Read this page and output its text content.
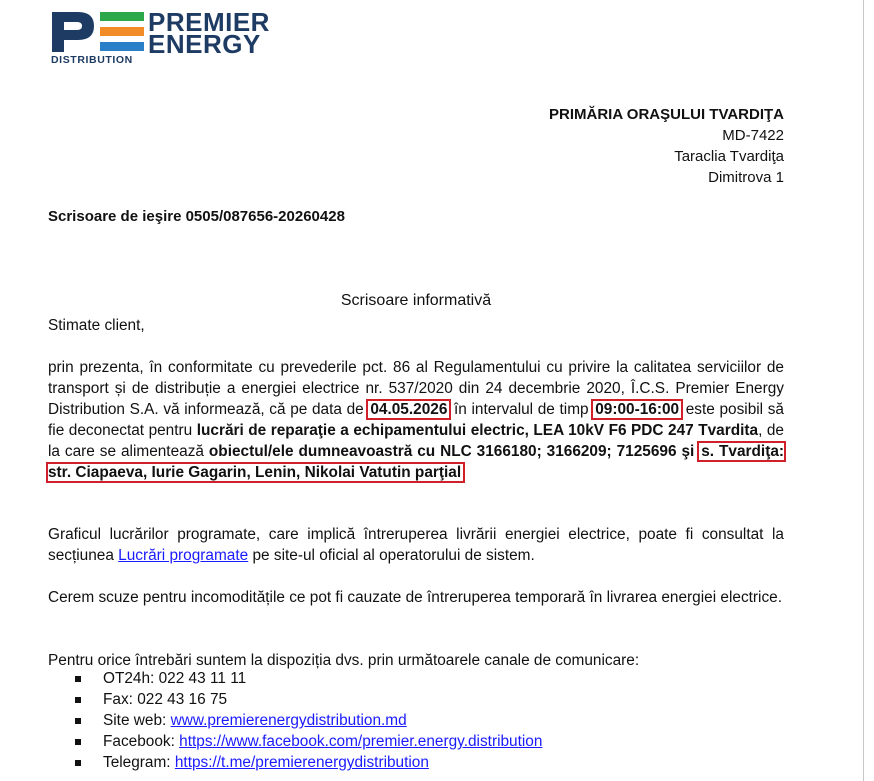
PREMIER
ENERGY
DISTRIBUTION
PRIMĂRIA ORAŞULUI TVARDIŢA
MD-7422
Taraclia Tvardiţa
Dimitrova 1
Scrisoare de ieşire 0505/087656-20260428
Scrisoare informativă
Stimate client,
prin prezenta, în conformitate cu prevederile pct. 86 al Regulamentului cu privire la calitatea serviciilor de transport și de distribuție a energiei electrice nr. 537/2020 din 24 decembrie 2020, Î.C.S. Premier Energy Distribution S.A. vă informează, că pe data de 04.05.2026 în intervalul de timp 09:00-16:00 este posibil să fie deconectat pentru lucrări de reparaţie a echipamentului electric, LEA 10kV F6 PDC 247 Tvardita, de la care se alimentează obiectul/ele dumneavoastră cu NLC 3166180; 3166209; 7125696 şi s. Tvardiţa: str. Ciapaeva, Iurie Gagarin, Lenin, Nikolai Vatutin parţial
Graficul lucrărilor programate, care implică întreruperea livrării energiei electrice, poate fi consultat la secțiunea Lucrări programate pe site-ul oficial al operatorului de sistem.
Cerem scuze pentru incomoditățile ce pot fi cauzate de întreruperea temporară în livrarea energiei electrice.
Pentru orice întrebări suntem la dispoziția dvs. prin următoarele canale de comunicare:
OT24h: 022 43 11 11
Fax: 022 43 16 75
Site web: www.premierenergydistribution.md
Facebook: https://www.facebook.com/premier.energy.distribution
Telegram: https://t.me/premierenergydistribution
